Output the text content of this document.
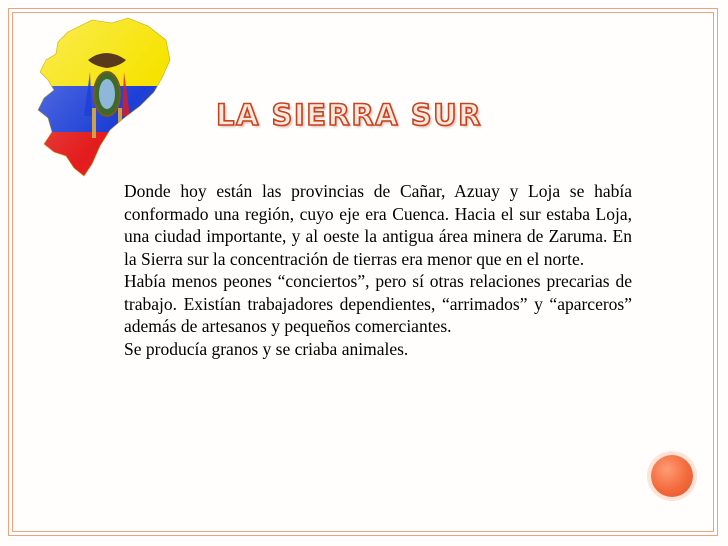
LA SIERRA SUR

Donde hoy están las provincias de Cañar, Azuay y Loja se había conformado una región, cuyo eje era Cuenca. Hacia el sur estaba Loja, una ciudad importante, y al oeste la antigua área minera de Zaruma. En la Sierra sur la concentración de tierras era menor que en el norte.

Había menos peones “conciertos”, pero sí otras relaciones precarias de trabajo. Existían trabajadores dependientes, “arrimados” y “aparceros” además de artesanos y pequeños comerciantes.

Se producía granos y se criaba animales.
